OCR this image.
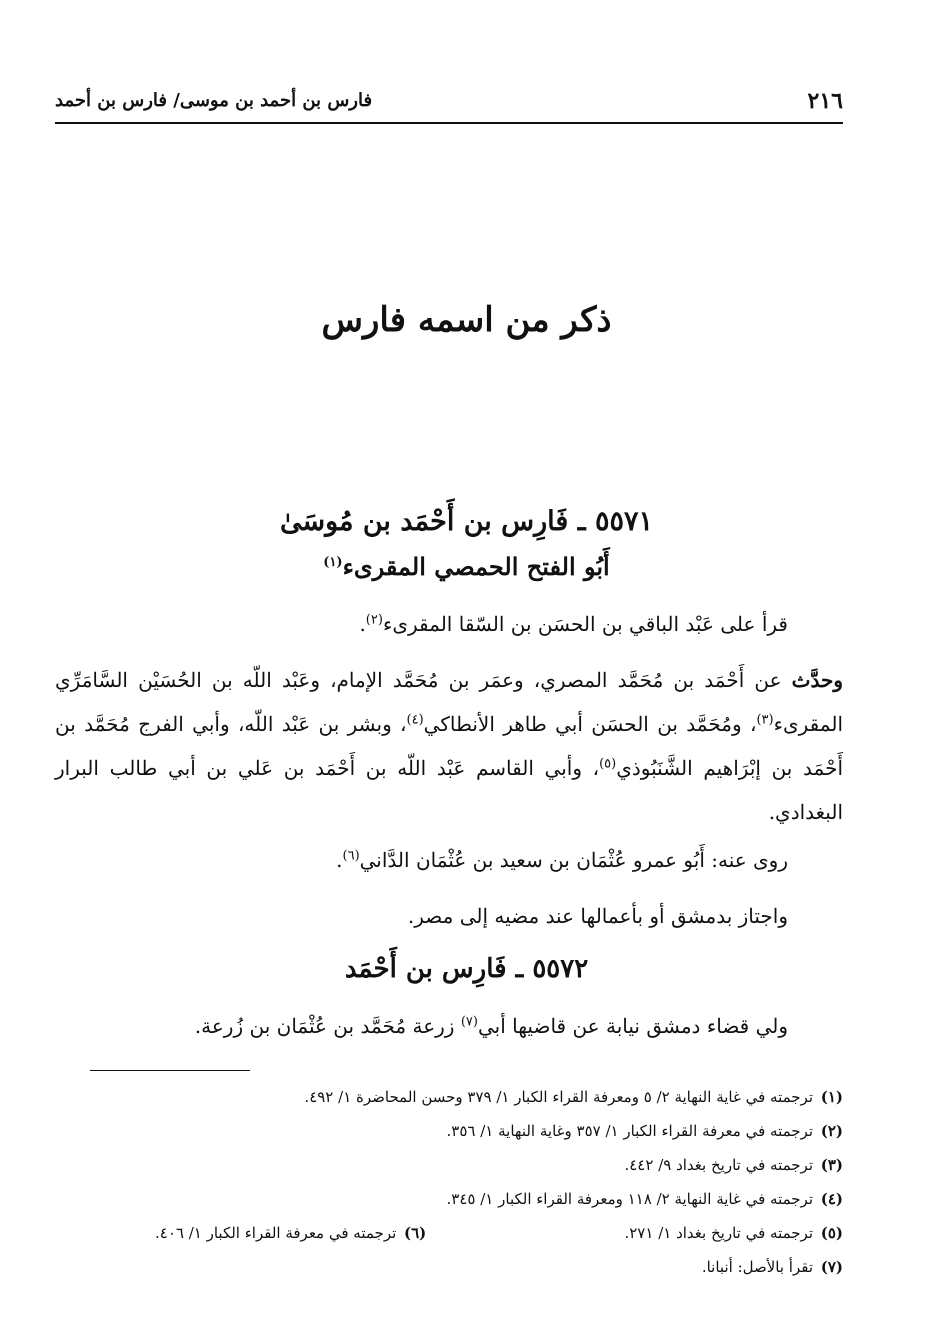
٢١٦
فارس بن أحمد بن موسى/ فارس بن أحمد
ذكر من اسمه فارس
٥٥٧١ ـ فَارِس بن أَحْمَد بن مُوسَىٰ
أَبُو الفتح الحمصي المقرىء$^{(١)}$
قرأ على عَبْد الباقي بن الحسَن بن السّقا المقرىء$^{(٢)}$.
وحدَّث عن أَحْمَد بن مُحَمَّد المصري، وعمَر بن مُحَمَّد الإمام، وعَبْد اللّه بن الحُسَيْن السَّامَرِّي المقرىء$^{(٣)}$، ومُحَمَّد بن الحسَن أبي طاهر الأنطاكي$^{(٤)}$، وبشر بن عَبْد اللّه، وأبي الفرج مُحَمَّد بن أَحْمَد بن إبْرَاهيم الشَّنَبُوذي$^{(٥)}$، وأبي القاسم عَبْد اللّه بن أَحْمَد بن عَلي بن أبي طالب البرار البغدادي.
روى عنه: أَبُو عمرو عُثْمَان بن سعيد بن عُثْمَان الدَّاني$^{(٦)}$.
واجتاز بدمشق أو بأعمالها عند مضيه إلى مصر.
٥٥٧٢ ـ فَارِس بن أَحْمَد
ولي قضاء دمشق نيابة عن قاضيها أبي$^{(٧)}$ زرعة مُحَمَّد بن عُثْمَان بن زُرعة.
(١)ترجمته في غاية النهاية ٢/ ٥ ومعرفة القراء الكبار ١/ ٣٧٩ وحسن المحاضرة ١/ ٤٩٢.
(٢)ترجمته في معرفة القراء الكبار ١/ ٣٥٧ وغاية النهاية ١/ ٣٥٦.
(٣)ترجمته في تاريخ بغداد ٩/ ٤٤٢.
(٤)ترجمته في غاية النهاية ٢/ ١١٨ ومعرفة القراء الكبار ١/ ٣٤٥.
(٥)ترجمته في تاريخ بغداد ١/ ٢٧١.
(٦)ترجمته في معرفة القراء الكبار ١/ ٤٠٦.
(٧)تقرأ بالأصل: أنبانا.
